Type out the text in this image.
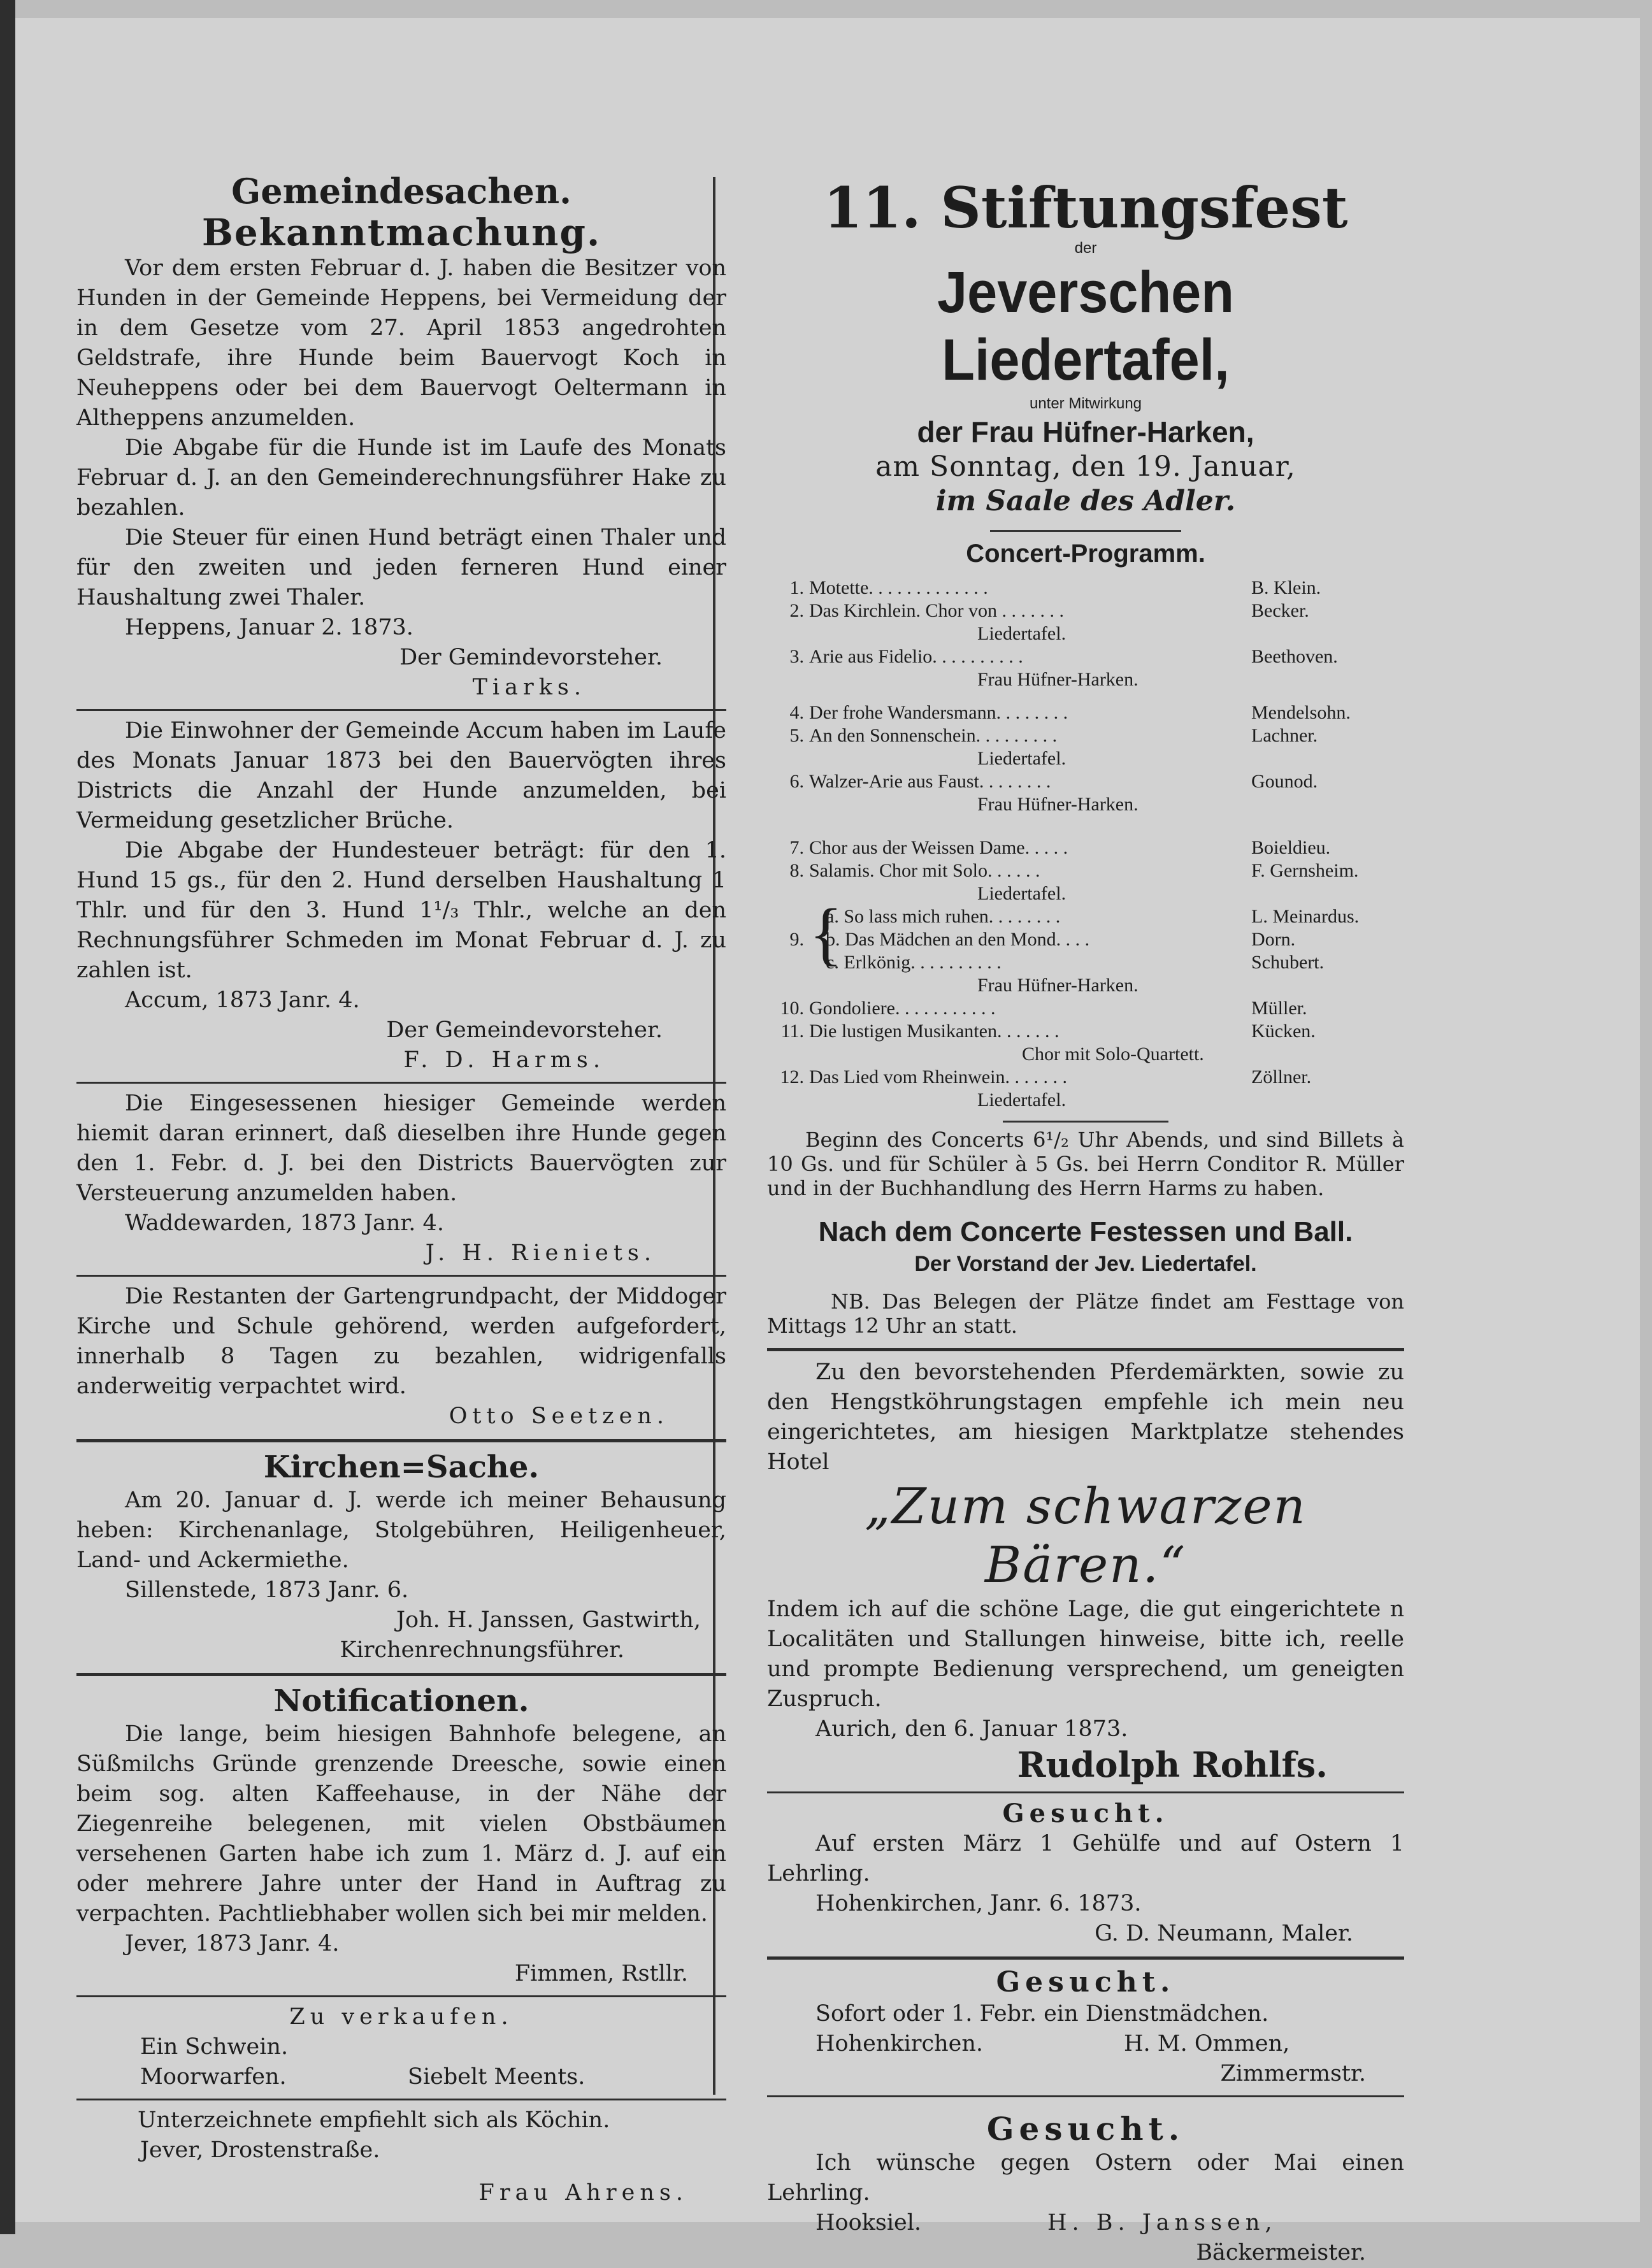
Gemeindesachen.
Bekanntmachung.

Vor dem ersten Februar d. J. haben die Besitzer von Hunden in der Gemeinde Heppens, bei Vermeidung der in dem Gesetze vom 27. April 1853 angedrohten Geldstrafe, ihre Hunde beim Bauervogt Koch in Neuheppens oder bei dem Bauervogt Oeltermann in Altheppens anzumelden.

Die Abgabe für die Hunde ist im Laufe des Monats Februar d. J. an den Gemeinderechnungsführer Hake zu bezahlen.

Die Steuer für einen Hund beträgt einen Thaler und für den zweiten und jeden ferneren Hund einer Haushaltung zwei Thaler.

Heppens, Januar 2. 1873.

Der Gemindevorsteher.

Tiarks.

Die Einwohner der Gemeinde Accum haben im Laufe des Monats Januar 1873 bei den Bauervögten ihres Districts die Anzahl der Hunde anzumelden, bei Vermeidung gesetzlicher Brüche.

Die Abgabe der Hundesteuer beträgt: für den 1. Hund 15 gs., für den 2. Hund derselben Haushaltung 1 Thlr. und für den 3. Hund 1¹/₃ Thlr., welche an den Rechnungsführer Schmeden im Monat Februar d. J. zu zahlen ist.

Accum, 1873 Janr. 4.

Der Gemeindevorsteher.

F. D. Harms.

Die Eingesessenen hiesiger Gemeinde werden hiemit daran erinnert, daß dieselben ihre Hunde gegen den 1. Febr. d. J. bei den Districts Bauervögten zur Versteuerung anzumelden haben.

Waddewarden, 1873 Janr. 4.

J. H. Rieniets.

Die Restanten der Gartengrundpacht, der Middoger Kirche und Schule gehörend, werden aufgefordert, innerhalb 8 Tagen zu bezahlen, widrigenfalls anderweitig verpachtet wird.

Otto Seetzen.

Kirchen=Sache.

Am 20. Januar d. J. werde ich meiner Behausung heben: Kirchenanlage, Stolgebühren, Heiligenheuer, Land- und Ackermiethe.

Sillenstede, 1873 Janr. 6.

Joh. H. Janssen, Gastwirth,

Kirchenrechnungsführer.

Notificationen.

Die lange, beim hiesigen Bahnhofe belegene, an Süßmilchs Gründe grenzende Dreesche, sowie einen beim sog. alten Kaffeehause, in der Nähe der Ziegenreihe belegenen, mit vielen Obstbäumen versehenen Garten habe ich zum 1. März d. J. auf ein oder mehrere Jahre unter der Hand in Auftrag zu verpachten. Pachtliebhaber wollen sich bei mir melden.

Jever, 1873 Janr. 4.

Fimmen, Rstllr.

Zu verkaufen.

Ein Schwein.

Moorwarfen.	Siebelt Meents.

Unterzeichnete empfiehlt sich als Köchin.

Jever, Drostenstraße.

Frau Ahrens.

11. Stiftungsfest
der
Jeverschen Liedertafel,
unter Mitwirkung
der Frau Hüfner-Harken,
am Sonntag, den 19. Januar,
im Saale des Adler.
Concert-Programm.
1. Motette. . . . . . . . . . . . .	B. Klein.
2. Das Kirchlein. Chor von . . . . . . .	Becker.
Liedertafel.
3. Arie aus Fidelio. . . . . . . . . .	Beethoven.
Frau Hüfner-Harken.
4. Der frohe Wandersmann. . . . . . . .	Mendelsohn.
5. An den Sonnenschein. . . . . . . . .	Lachner.
Liedertafel.
6. Walzer-Arie aus Faust. . . . . . . .	Gounod.
Frau Hüfner-Harken.
7. Chor aus der Weissen Dame. . . . .	Boieldieu.
8. Salamis. Chor mit Solo. . . . . .	F. Gernsheim.
Liedertafel.
9. {
a. So lass mich ruhen. . . . . . . .	L. Meinardus.
b. Das Mädchen an den Mond. . . .	Dorn.
c. Erlkönig. . . . . . . . . .	Schubert.
Frau Hüfner-Harken.
10. Gondoliere. . . . . . . . . . .	Müller.
11. Die lustigen Musikanten. . . . . . .	Kücken.
Chor mit Solo-Quartett.
12. Das Lied vom Rheinwein. . . . . . .	Zöllner.
Liedertafel.

Beginn des Concerts 6¹/₂ Uhr Abends, und sind Billets à 10 Gs. und für Schüler à 5 Gs. bei Herrn Conditor R. Müller und in der Buchhandlung des Herrn Harms zu haben.

Nach dem Concerte Festessen und Ball.
Der Vorstand der Jev. Liedertafel.

NB. Das Belegen der Plätze findet am Festtage von Mittags 12 Uhr an statt.

Zu den bevorstehenden Pferdemärkten, sowie zu den Hengstköhrungstagen empfehle ich mein neu eingerichtetes, am hiesigen Marktplatze stehendes Hotel

„Zum schwarzen Bären.“

Indem ich auf die schöne Lage, die gut eingerichtete n Localitäten und Stallungen hinweise, bitte ich, reelle und prompte Bedienung versprechend, um geneigten Zuspruch.

Aurich, den 6. Januar 1873.

Rudolph Rohlfs.
Gesucht.

Auf ersten März 1 Gehülfe und auf Ostern 1 Lehrling.

Hohenkirchen, Janr. 6. 1873.

G. D. Neumann, Maler.

Gesucht.

Sofort oder 1. Febr. ein Dienstmädchen.

Hohenkirchen.	H. M. Ommen,

Zimmermstr.

Gesucht.

Ich wünsche gegen Ostern oder Mai einen Lehrling.

Hooksiel.	H. B. Janssen,

Bäckermeister.
